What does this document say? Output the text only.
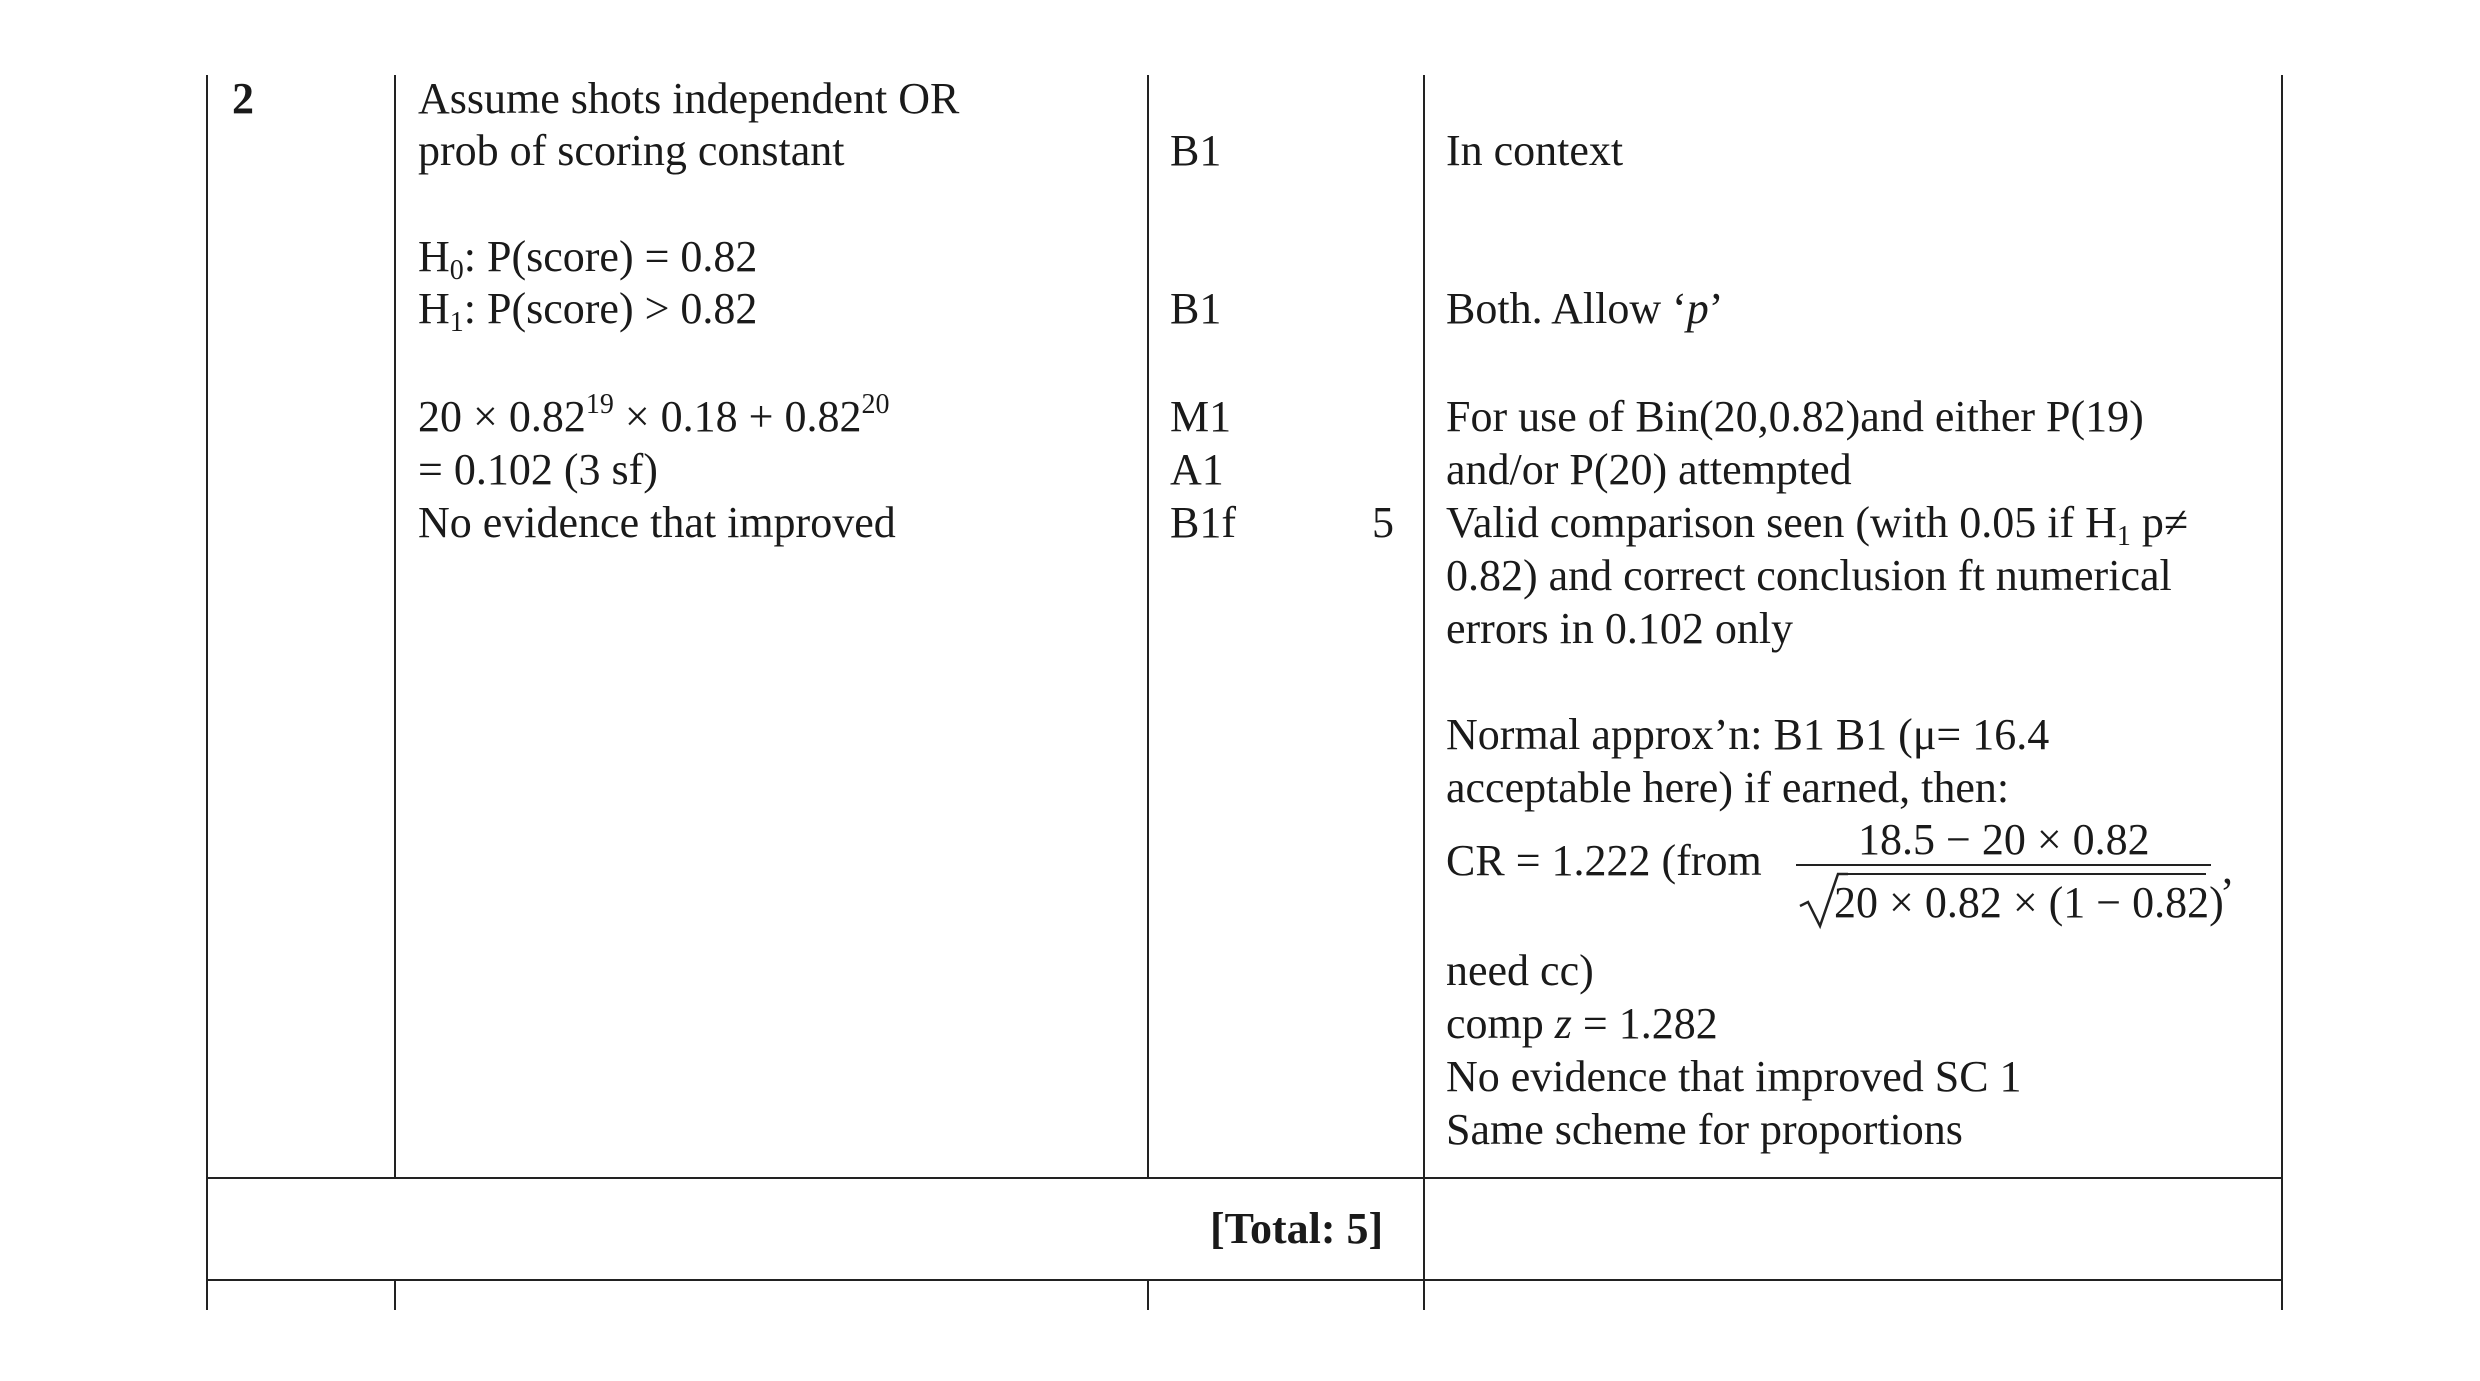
2	Assume shots independent OR
prob of scoring constant
$H_0$: P(score) = 0.82
$H_1$: P(score) > 0.82
$20 \times 0.82^{19} \times 0.18 + 0.82^{20}$
= 0.102 (3 sf)
No evidence that improved
B1
B1
M1
A1
B1f	5
In context
Both. Allow ‘p’
For use of Bin(20,0.82)and either P(19)
and/or P(20) attempted
Valid comparison seen (with 0.05 if $H_1$ p≠
0.82) and correct conclusion ft numerical
errors in 0.102 only
Normal approx’n: B1 B1 (μ= 16.4
acceptable here) if earned, then:
CR = 1.222 (from 18.5 − 20 × 0.82
20 × 0.82 × (1 − 0.82)
,
need cc)
comp z = 1.282
No evidence that improved SC 1
Same scheme for proportions
[Total: 5]
